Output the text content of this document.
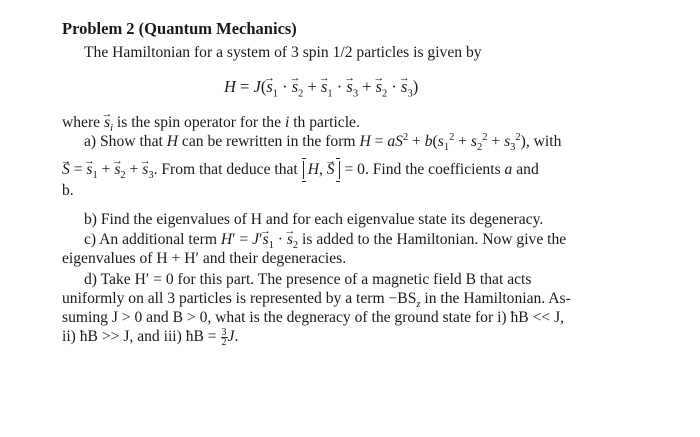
Problem 2 (Quantum Mechanics)
The Hamiltonian for a system of 3 spin 1/2 particles is given by
$H = J(\to s_1$ · → $s_2$ + → $s_1$ · → $s_3$ + → $s_2$ · → $s_3$)
where → $s_i$ is the spin operator for the i th particle.
a) Show that H can be rewritten in the form $H = aS^2 + b(s_1^2 + s_2^2 + s_3^2)$, with
→ S = → $s_1$ + → $s_2$ + → $s_3$. From that deduce that H, → S = 0. Find the coefficients a and
b.
b) Find the eigenvalues of H and for each eigenvalue state its degeneracy.
c) An additional term $H' = J'\to s_1$ · → $s_2$ is added to the Hamiltonian. Now give the
eigenvalues of H + H′ and their degeneracies.
d) Take H′ = 0 for this part. The presence of a magnetic field B that acts
uniformly on all 3 particles is represented by a term $-BS_z$ in the Hamiltonian. As-
suming J > 0 and B > 0, what is the degneracy of the ground state for i) ħB << J,
ii) ħB >> J, and iii) ħB = $\frac{3}{2} J$.
